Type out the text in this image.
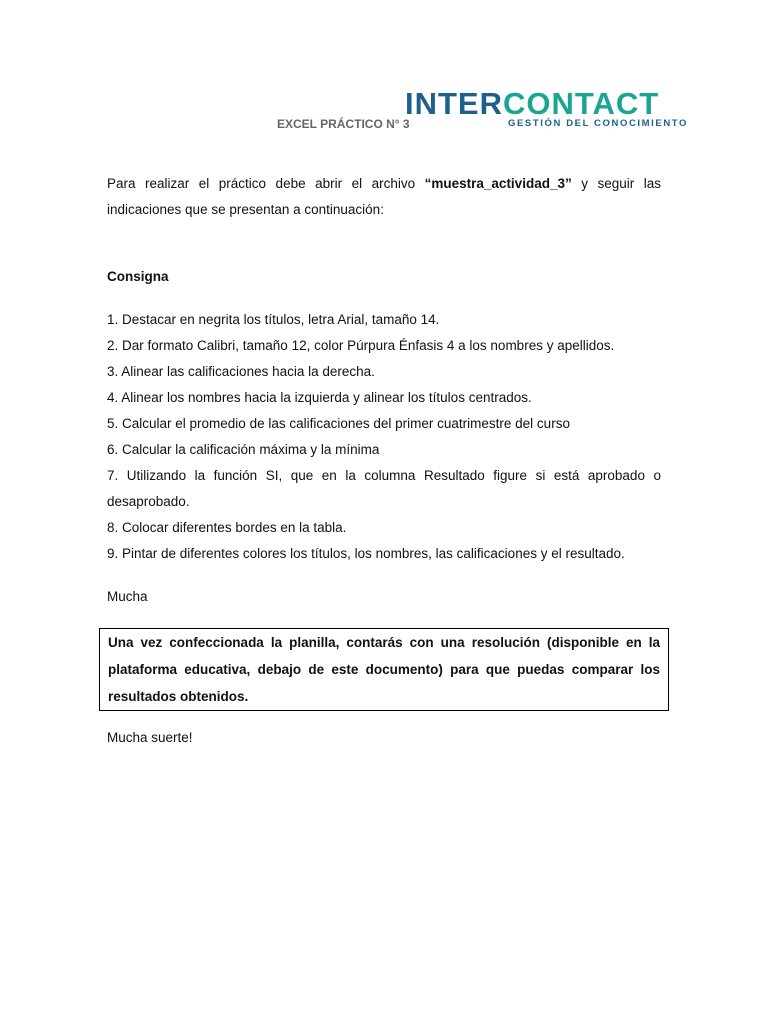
INTERCONTACT
GESTIÓN DEL CONOCIMIENTO
EXCEL PRÁCTICO N° 3
Para realizar el práctico debe abrir el archivo “muestra_actividad_3” y seguir las indicaciones que se presentan a continuación:
Consigna
1. Destacar en negrita los títulos, letra Arial, tamaño 14.
2. Dar formato Calibri, tamaño 12, color Púrpura Énfasis 4 a los nombres y apellidos.
3. Alinear las calificaciones hacia la derecha.
4. Alinear los nombres hacia la izquierda y alinear los títulos centrados.
5. Calcular el promedio de las calificaciones del primer cuatrimestre del curso
6. Calcular la calificación máxima y la mínima
7. Utilizando la función SI, que en la columna Resultado figure si está aprobado o desaprobado.
8. Colocar diferentes bordes en la tabla.
9. Pintar de diferentes colores los títulos, los nombres, las calificaciones y el resultado.
Mucha
Una vez confeccionada la planilla, contarás con una resolución (disponible en la plataforma educativa, debajo de este documento) para que puedas comparar los resultados obtenidos.
Mucha suerte!
